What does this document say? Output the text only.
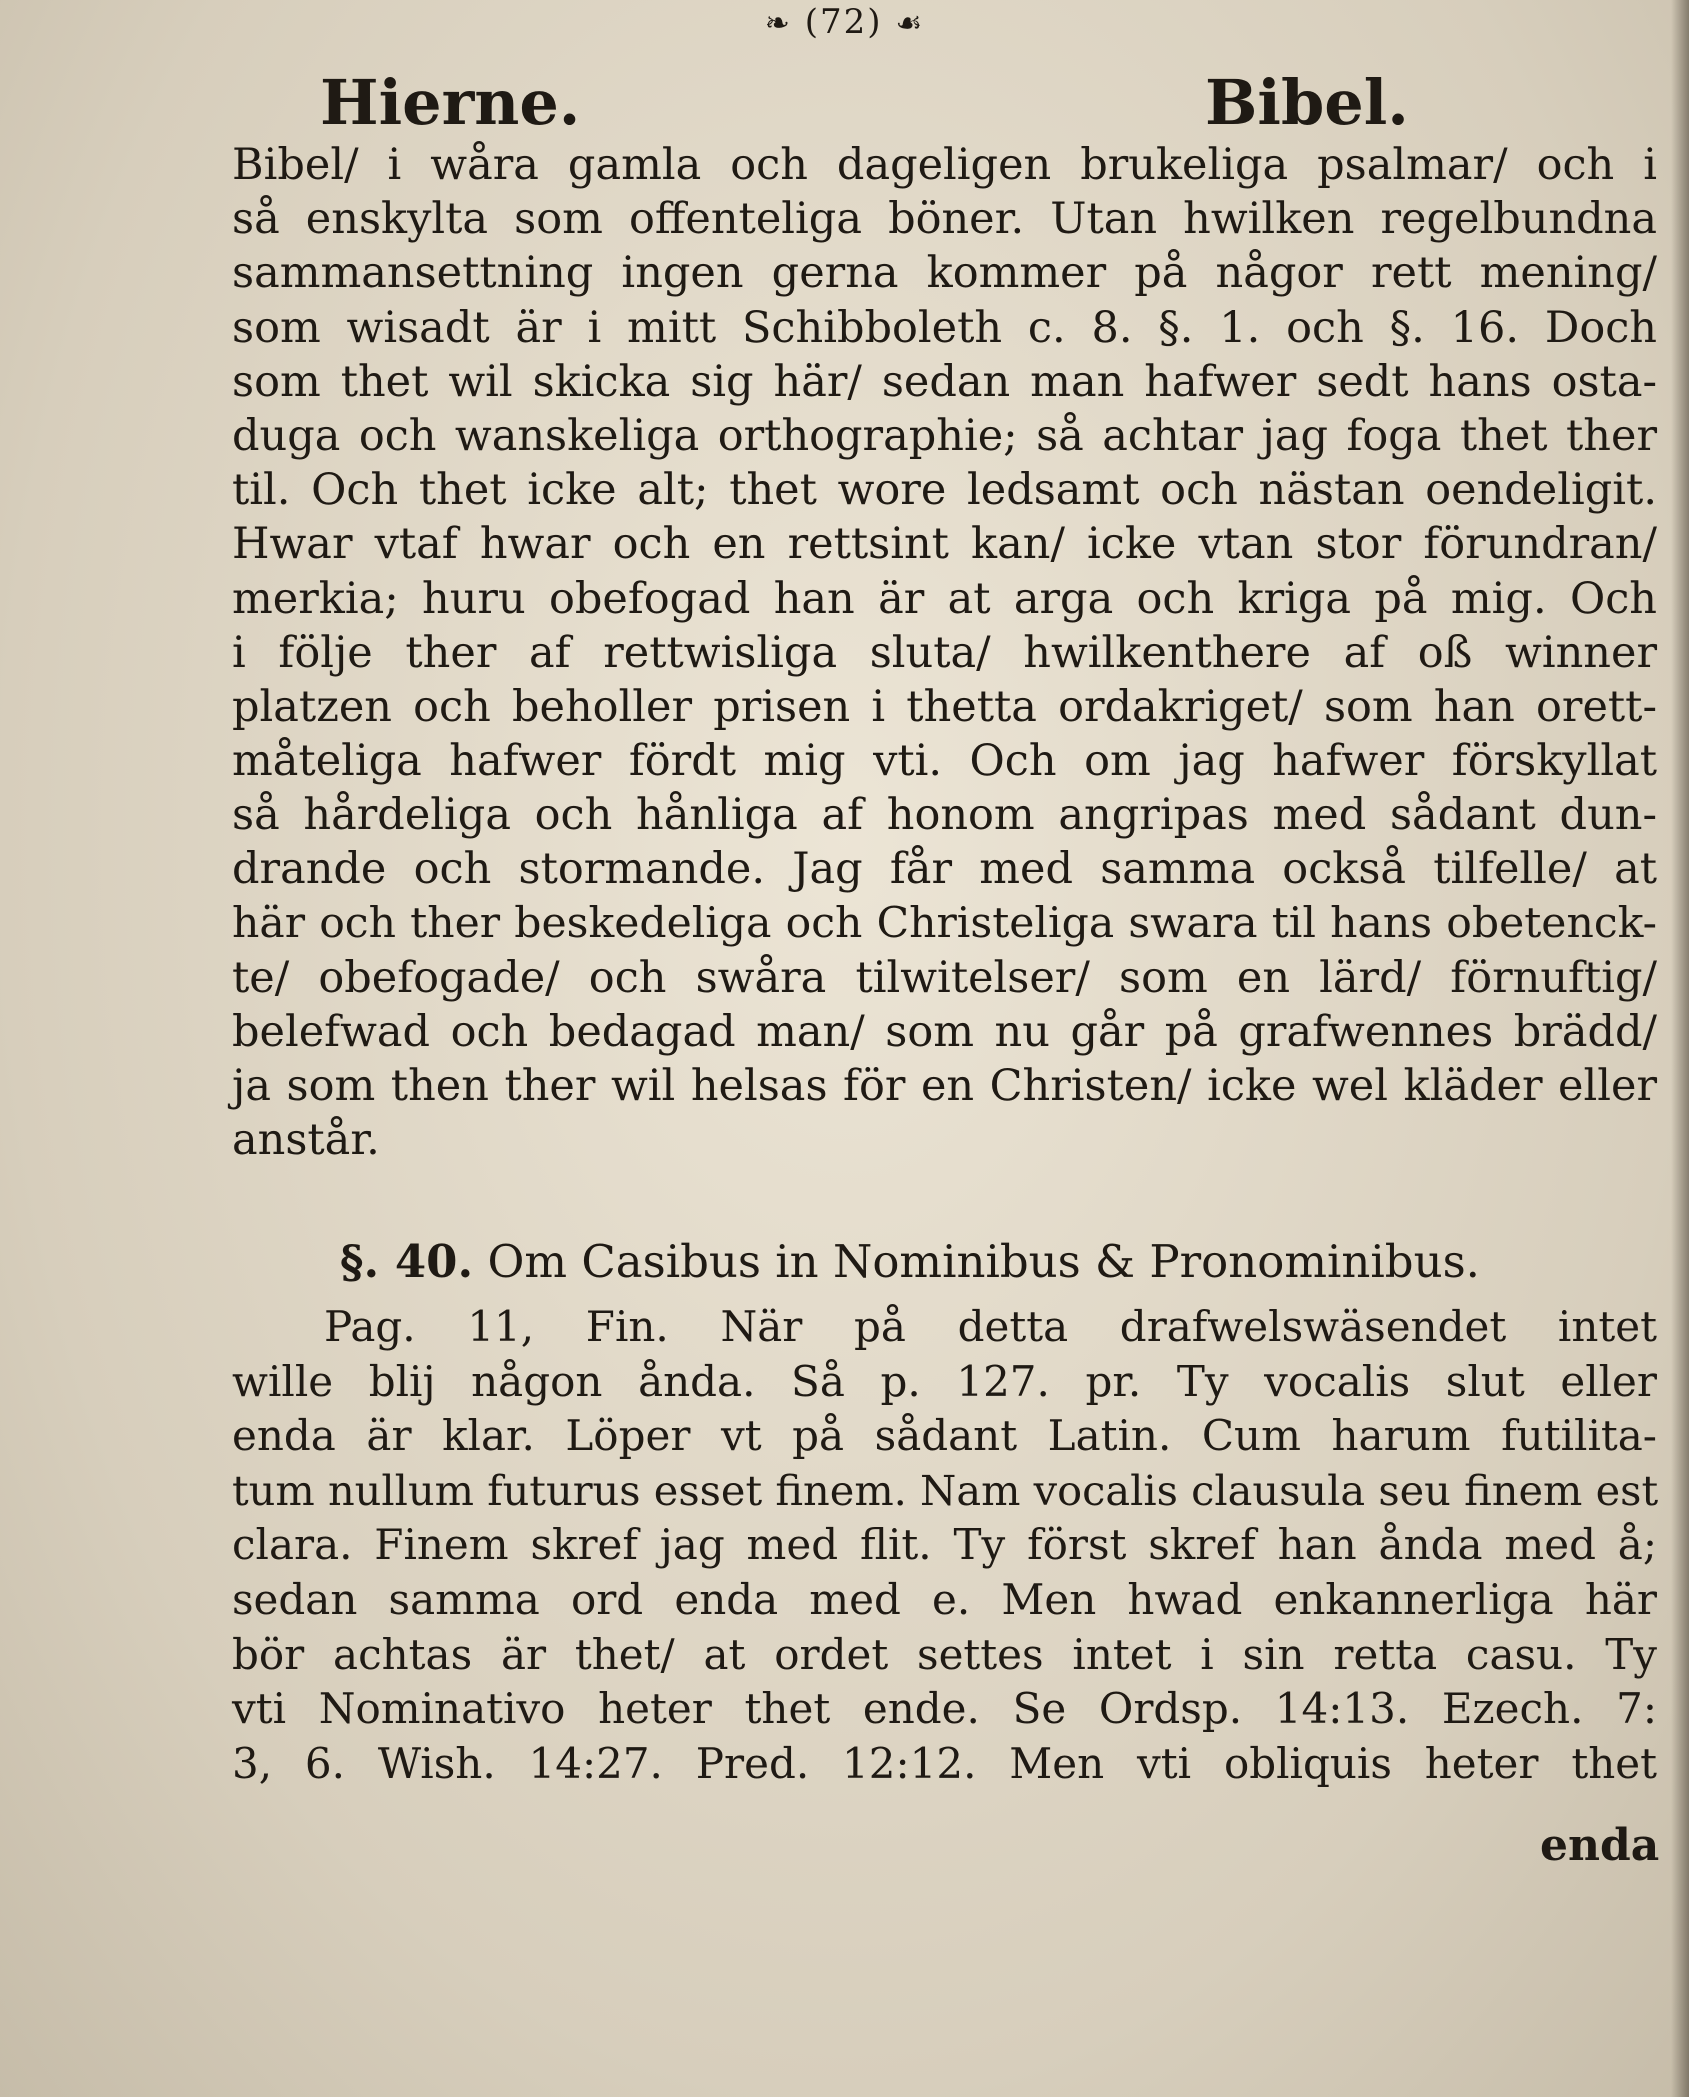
❧ (72) ☙
Hierne.	Bibel.
Bibel/ i wåra gamla och dageligen brukeliga psalmar/ och i
så enskylta som offenteliga böner. Utan hwilken regelbundna
sammansettning ingen gerna kommer på någor rett mening/
som wisadt är i mitt Schibboleth c. 8. §. 1. och §. 16. Doch
som thet wil skicka sig här/ sedan man hafwer sedt hans osta-
duga och wanskeliga orthographie; så achtar jag foga thet ther
til. Och thet icke alt; thet wore ledsamt och nästan oendeligit.
Hwar vtaf hwar och en rettsint kan/ icke vtan stor förundran/
merkia; huru obefogad han är at arga och kriga på mig. Och
i följe ther af rettwisliga sluta/ hwilkenthere af oß winner
platzen och beholler prisen i thetta ordakriget/ som han orett-
måteliga hafwer fördt mig vti. Och om jag hafwer förskyllat
så hårdeliga och hånliga af honom angripas med sådant dun-
drande och stormande. Jag får med samma också tilfelle/ at
här och ther beskedeliga och Christeliga swara til hans obetenck-
te/ obefogade/ och swåra tilwitelser/ som en lärd/ förnuftig/
belefwad och bedagad man/ som nu går på grafwennes brädd/
ja som then ther wil helsas för en Christen/ icke wel kläder eller
anstår.
§. 40. Om Casibus in Nominibus & Pronominibus.
Pag. 11, Fin. När på detta drafwelswäsendet intet
wille blij någon ånda. Så p. 127. pr. Ty vocalis slut eller
enda är klar. Löper vt på sådant Latin. Cum harum futilita-
tum nullum futurus esset finem. Nam vocalis clausula seu finem est
clara. Finem skref jag med flit. Ty först skref han ånda med å;
sedan samma ord enda med e. Men hwad enkannerliga här
bör achtas är thet/ at ordet settes intet i sin retta casu. Ty
vti Nominativo heter thet ende. Se Ordsp. 14:13. Ezech. 7:
3, 6. Wish. 14:27. Pred. 12:12. Men vti obliquis heter thet
enda
